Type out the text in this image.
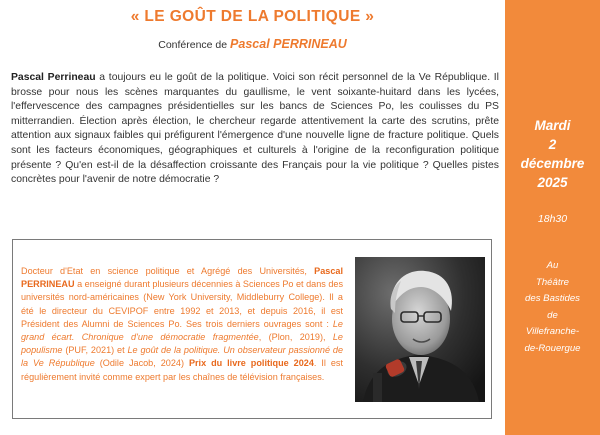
« LE GOÛT DE LA POLITIQUE »
Conférence de Pascal PERRINEAU

Pascal Perrineau a toujours eu le goût de la politique. Voici son récit personnel de la Ve République. Il brosse pour nous les scènes marquantes du gaullisme, le vent soixante-huitard dans les lycées, l'effervescence des campagnes présidentielles sur les bancs de Sciences Po, les coulisses du PS mitterrandien. Élection après élection, le chercheur regarde attentivement la carte des scrutins, prête attention aux signaux faibles qui préfigurent l'émergence d'une nouvelle ligne de fracture politique. Quels sont les facteurs économiques, géographiques et culturels à l'origine de la reconfiguration politique présente ? Qu'en est-il de la désaffection croissante des Français pour la vie politique ? Quelles pistes concrètes pour l'avenir de notre démocratie ?

Docteur d'Etat en science politique et Agrégé des Universités, Pascal PERRINEAU a enseigné durant plusieurs décennies à Sciences Po et dans des universités nord-américaines (New York University, Middleburry College). Il a été le directeur du CEVIPOF entre 1992 et 2013, et depuis 2016, il est Président des Alumni de Sciences Po. Ses trois derniers ouvrages sont : Le grand écart. Chronique d'une démocratie fragmentée, (Plon, 2019), Le populisme (PUF, 2021) et Le goût de la politique. Un observateur passionné de la Ve République (Odile Jacob, 2024) Prix du livre politique 2024. Il est régulièrement invité comme expert par les chaînes de télévision françaises.

Mardi
2
décembre
2025
18h30
Au
Théâtre
des Bastides
de
Villefranche-
de-Rouergue
